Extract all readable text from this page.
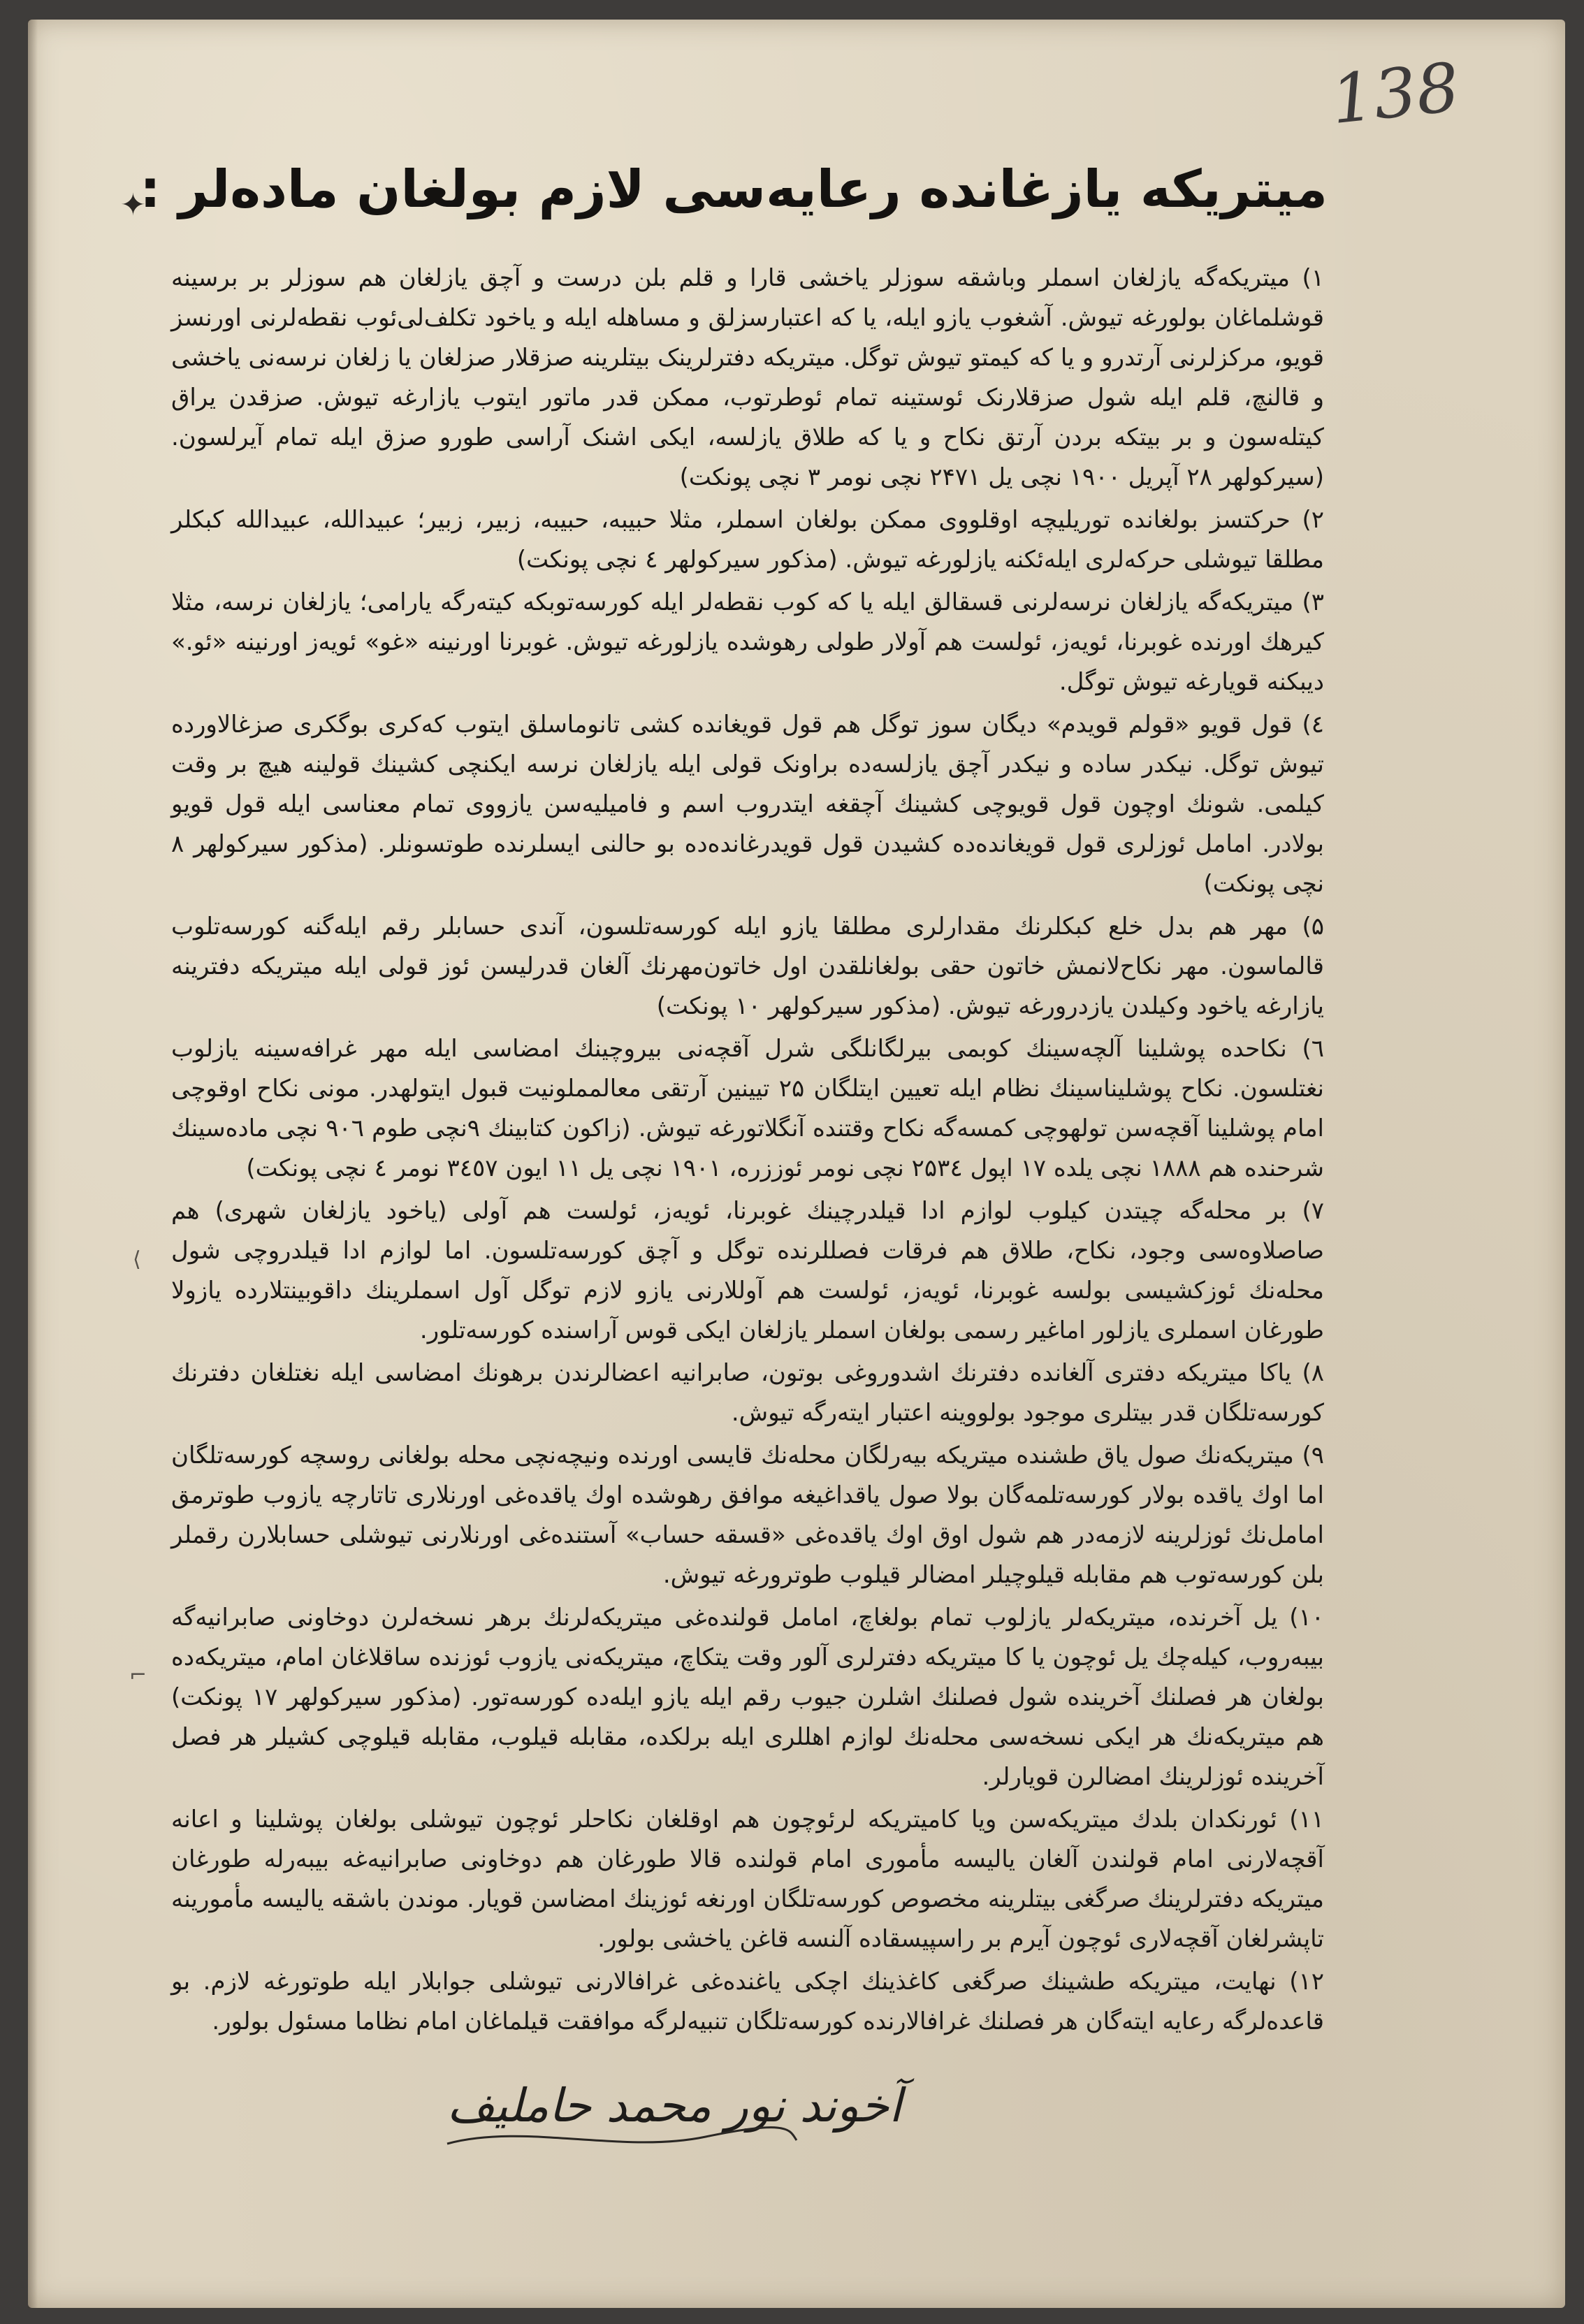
138
✦
میتریکه یازغانده رعایه‌سی لازم بولغان ماده‌لر :

۱) میتریکه‌گه یازلغان اسملر وباشقه سوزلر یاخشی قارا و قلم بلن درست و آچق یازلغان هم سوزلر بر برسینه قوشلماغان بولورغه تیوش. آشغوب یازو ایله، یا که اعتبارسزلق و مساهله ایله و یاخود تکلف‌لی‌ئوب نقطه‌لرنی اورنسز قویو، مرکزلرنی آرتدرو و یا که کیمتو تیوش توگل. میتریکه دفترلرینک بیتلرینه صزقلار صزلغان یا زلغان نرسه‌نی یاخشی و قالنچ، قلم ایله شول صزقلارنک ئوستینه تمام ئوطرتوب، ممکن قدر ماتور ایتوب یازارغه تیوش. صزقدن یراق کیتله‌سون و بر بیتکه بردن آرتق نکاح و یا که طلاق یازلسه، ایکی اشنک آراسی طورو صزق ایله تمام آیرلسون. (سیرکولهر ۲۸ آپریل ۱۹۰۰ نچی یل ۲۴۷۱ نچی نومر ۳ نچی پونکت)

۲) حرکتسز بولغانده توریلیچه اوقلووی ممکن بولغان اسملر، مثلا حبیبه، حبیبه، زبیر، زبیر؛ عبیدالله، عبیدالله کبکلر مطلقا تیوشلی حرکه‌لری ایله‌ئکنه یازلورغه تیوش. (مذکور سیرکولهر ٤ نچی پونکت)

۳) میتریکه‌گه یازلغان نرسه‌لرنی قسقالق ایله یا که کوب نقطه‌لر ایله کورسه‌توبکه کیته‌رگه یارامی؛ یازلغان نرسه، مثلا کیرهك اورنده غوبرنا، ئویه‌ز، ئولست هم آولار طولی رهوشده یازلورغه تیوش. غوبرنا اورنینه «غو» ئویه‌ز اورنینه «ئو.» دیبکنه قویارغه تیوش توگل.

٤) قول قویو «قولم قویدم» دیگان سوز توگل هم قول قویغانده کشی تانوماسلق ایتوب که‌کری بوگکری صزغالاورده تیوش توگل. نیکدر ساده و نیکدر آچق یازلسه‌ده براونک قولی ایله یازلغان نرسه ایکنچی کشینك قولینه هیچ بر وقت کیلمی. شونك اوچون قول قویوچی کشینك آچقغه ایتدروب اسم و فامیلیه‌سن یازووی تمام معناسی ایله قول قویو بولادر. امامل ئوزلری قول قویغانده‌ده کشیدن قول قویدرغانده‌ده بو حالنی ایسلرنده طوتسونلر. (مذکور سیرکولهر ۸ نچی پونکت)

۵) مهر هم بدل خلع کبکلرنك مقدارلری مطلقا یازو ایله کورسه‌تلسون، آندی حسابلر رقم ایله‌گنه کورسه‌تلوب قالماسون. مهر نکاح‌لانمش خاتون حقی بولغانلقدن اول خاتون‌مهرنك آلغان قدرلیسن ئوز قولی ایله میتریکه دفترینه یازارغه یاخود وکیلدن یازدرورغه تیوش. (مذکور سیرکولهر ۱۰ پونکت)

٦) نکاحده پوشلینا آلچه‌سینك کوبمی بیرلگانلگی شرل آقچه‌نی بیروچینك امضاسی ایله مهر غرافه‌سینه یازلوب نغتلسون. نکاح پوشلیناسینك نظام ایله تعیین ایتلگان ۲۵ تیینین آرتقی معالمملونیت قبول ایتولهدر. مونی نکاح اوقوچی امام پوشلینا آقچه‌سن تولهوچی کمسه‌گه نکاح وقتنده آنگلاتورغه تیوش. (زاکون کتابینك ۹نچی طوم ۹۰٦ نچی ماده‌سینك شرحنده هم ۱۸۸۸ نچی یلده ۱۷ اپول ۲۵۳٤ نچی نومر ئوززره، ۱۹۰۱ نچی یل ۱۱ ایون ۳٤٥۷ نومر ٤ نچی پونکت)

۷) بر محله‌گه چیتدن کیلوب لوازم ادا قیلدرچینك غوبرنا، ئویه‌ز، ئولست هم آولی (یاخود یازلغان شهری) هم صاصلاوه‌سی وجود، نکاح، طلاق هم فرقات فصللرنده توگل و آچق کورسه‌تلسون. اما لوازم ادا قیلدروچی شول محله‌نك ئوزکشیسی بولسه غوبرنا، ئویه‌ز، ئولست هم آوللارنی یازو لازم توگل آول اسملرینك داقوبینتلارده یازولا طورغان اسملری یازلور اماغیر رسمی بولغان اسملر یازلغان ایکی قوس آراسنده کورسه‌تلور.

۸) یاکا میتریکه دفتری آلغانده دفترنك اشدوروغی بوتون، صابرانیه اعضالرندن برهونك امضاسی ایله نغتلغان دفترنك کورسه‌تلگان قدر بیتلری موجود بولووینه اعتبار ایته‌رگه تیوش.

۹) میتریکه‌نك صول یاق طشنده میتریکه بیه‌رلگان محله‌نك قایسی اورنده ونیچه‌نچی محله بولغانی روسچه کورسه‌تلگان اما اوك یاقده بولار کورسه‌تلمه‌گان بولا صول یاقداغیغه موافق رهوشده اوك یاقده‌غی اورنلاری تاتارچه یازوب طوترمق امامل‌نك ئوزلرینه لازمه‌در هم شول اوق اوك یاقده‌غی «قسقه حساب» آستنده‌غی اورنلارنی تیوشلی حسابلارن رقملر بلن کورسه‌توب هم مقابله قیلوچیلر امضالر قیلوب طوترورغه تیوش.

۱۰) یل آخرنده، میتریکه‌لر یازلوب تمام بولغاچ، امامل قولنده‌غی میتریکه‌لرنك برهر نسخه‌لرن دوخاونی صابرانیه‌گه بیبه‌روب، کیله‌چك یل ئوچون یا کا میتریکه دفترلری آلور وقت یتکاچ، میتریکه‌نی یازوب ئوزنده ساقلاغان امام، میتریکه‌ده بولغان هر فصلنك آخرینده شول فصلنك اشلرن جیوب رقم ایله یازو ایله‌ده کورسه‌تور. (مذکور سیرکولهر ۱۷ پونکت) هم میتریکه‌نك هر ایکی نسخه‌سی محله‌نك لوازم اهللری ایله برلکده، مقابله قیلوب، مقابله قیلوچی کشیلر هر فصل آخرینده ئوزلرینك امضالرن قویارلر.

۱۱) ئورنکدان بلدك میتریکه‌سن ویا کامیتریکه لرئوچون هم اوقلغان نکاحلر ئوچون تیوشلی بولغان پوشلینا و اعانه آقچه‌لارنی امام قولندن آلغان یالیسه مأموری امام قولنده قالا طورغان هم دوخاونی صابرانیه‌غه بیبه‌رله طورغان میتریکه دفترلرینك صرگغی بیتلرینه مخصوص کورسه‌تلگان اورنغه ئوزینك امضاسن قویار. موندن باشقه یالیسه مأمورینه تاپشرلغان آقچه‌لاری ئوچون آیرم بر راسپیسقاده آلنسه قاغن یاخشی بولور.

۱۲) نهایت، میتریکه طشینك صرگغی کاغذینك اچکی یاغنده‌غی غرافالارنی تیوشلی جوابلار ایله طوتورغه لازم. بو قاعده‌لرگه رعایه ایته‌گان هر فصلنك غرافالارنده کورسه‌تلگان تنبیه‌لرگه موافقت قیلماغان امام نظاما مسئول بولور.

⟨
⌐
آخوند نور محمد حاملیف
